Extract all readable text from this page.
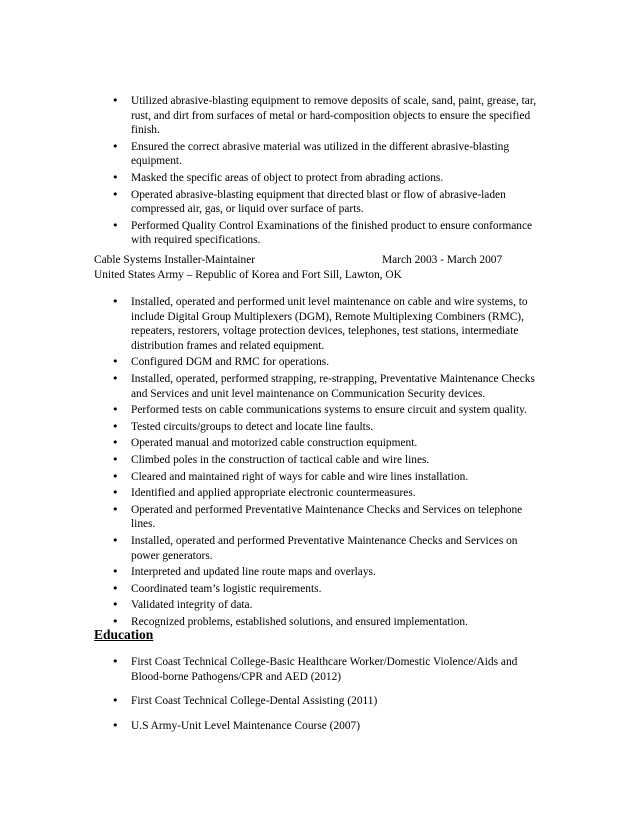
• Utilized abrasive-blasting equipment to remove deposits of scale, sand, paint, grease, tar, rust, and dirt from surfaces of metal or hard-composition objects to ensure the specified finish.
• Ensured the correct abrasive material was utilized in the different abrasive-blasting equipment.
• Masked the specific areas of object to protect from abrading actions.
• Operated abrasive-blasting equipment that directed blast or flow of abrasive-laden compressed air, gas, or liquid over surface of parts.
• Performed Quality Control Examinations of the finished product to ensure conformance with required specifications.
Cable Systems Installer-Maintainer	March 2003 - March 2007
United States Army – Republic of Korea and Fort Sill, Lawton, OK
• Installed, operated and performed unit level maintenance on cable and wire systems, to include Digital Group Multiplexers (DGM), Remote Multiplexing Combiners (RMC), repeaters, restorers, voltage protection devices, telephones, test stations, intermediate distribution frames and related equipment.
• Configured DGM and RMC for operations.
• Installed, operated, performed strapping, re-strapping, Preventative Maintenance Checks and Services and unit level maintenance on Communication Security devices.
• Performed tests on cable communications systems to ensure circuit and system quality.
• Tested circuits/groups to detect and locate line faults.
• Operated manual and motorized cable construction equipment.
• Climbed poles in the construction of tactical cable and wire lines.
• Cleared and maintained right of ways for cable and wire lines installation.
• Identified and applied appropriate electronic countermeasures.
• Operated and performed Preventative Maintenance Checks and Services on telephone lines.
• Installed, operated and performed Preventative Maintenance Checks and Services on power generators.
• Interpreted and updated line route maps and overlays.
• Coordinated team’s logistic requirements.
• Validated integrity of data.
• Recognized problems, established solutions, and ensured implementation.
Education
• First Coast Technical College-Basic Healthcare Worker/Domestic Violence/Aids and Blood-borne Pathogens/CPR and AED (2012)
• First Coast Technical College-Dental Assisting (2011)
• U.S Army-Unit Level Maintenance Course (2007)
